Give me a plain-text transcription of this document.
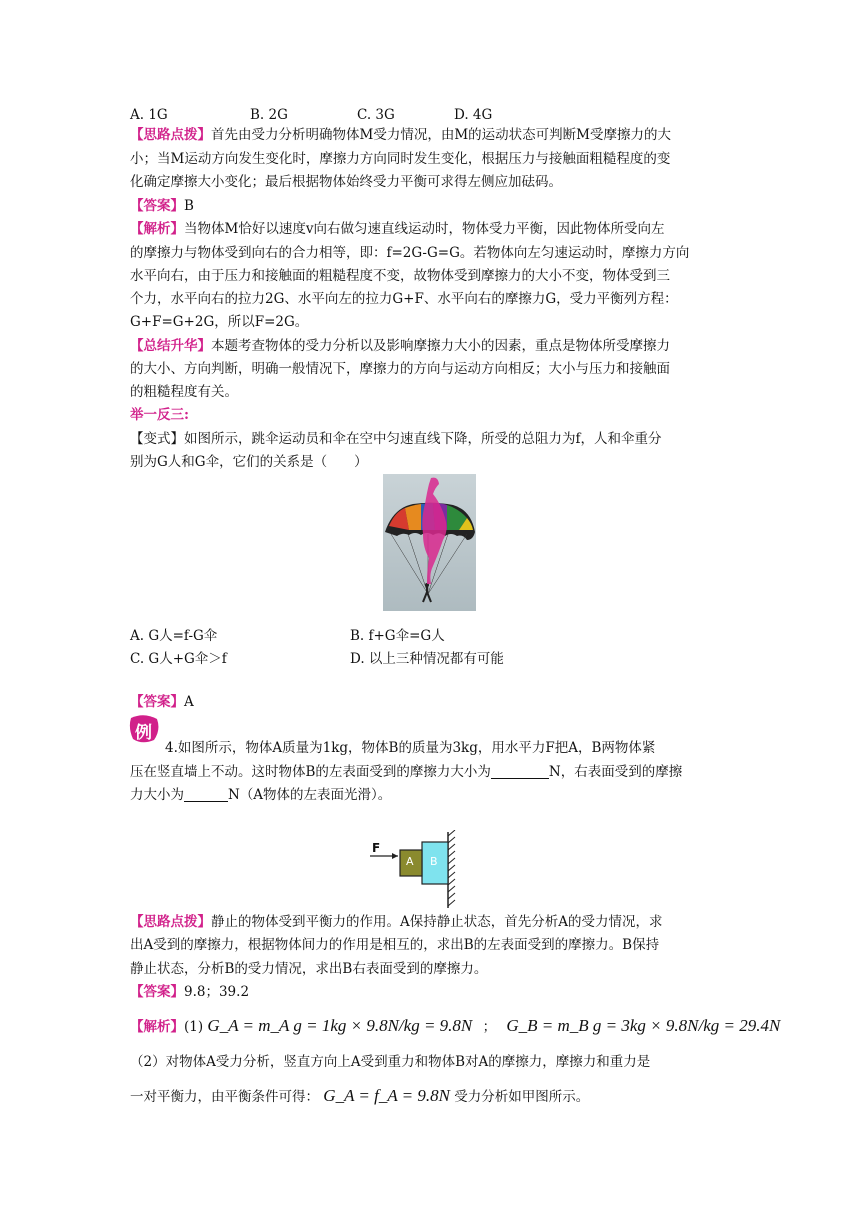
A. 1G	B. 2G	C. 3G	D. 4G
【思路点拨】首先由受力分析明确物体M受力情况，由M的运动状态可判断M受摩擦力的大
小；当M运动方向发生变化时，摩擦力方向同时发生变化，根据压力与接触面粗糙程度的变
化确定摩擦大小变化；最后根据物体始终受力平衡可求得左侧应加砝码。
【答案】B
【解析】当物体M恰好以速度v向右做匀速直线运动时，物体受力平衡，因此物体所受向左
的摩擦力与物体受到向右的合力相等，即：f=2G-G=G。若物体向左匀速运动时，摩擦力方向
水平向右，由于压力和接触面的粗糙程度不变，故物体受到摩擦力的大小不变，物体受到三
个力，水平向右的拉力2G、水平向左的拉力G+F、水平向右的摩擦力G，受力平衡列方程：
G+F=G+2G，所以F=2G。
【总结升华】本题考查物体的受力分析以及影响摩擦力大小的因素，重点是物体所受摩擦力
的大小、方向判断，明确一般情况下，摩擦力的方向与运动方向相反；大小与压力和接触面
的粗糙程度有关。
举一反三:
【变式】如图所示，跳伞运动员和伞在空中匀速直线下降，所受的总阻力为f，人和伞重分
别为G人和G伞，它们的关系是（　　）
A. G人=f-G伞	B. f+G伞=G人
C. G人+G伞＞f	D. 以上三种情况都有可能
【答案】A
例
4.如图所示，物体A质量为1kg，物体B的质量为3kg，用水平力F把A，B两物体紧
压在竖直墙上不动。这时物体B的左表面受到的摩擦力大小为	N，右表面受到的摩擦
力大小为	N（A物体的左表面光滑）。
F
A B
【思路点拨】静止的物体受到平衡力的作用。A保持静止状态，首先分析A的受力情况，求
出A受到的摩擦力，根据物体间力的作用是相互的，求出B的左表面受到的摩擦力。B保持
静止状态，分析B的受力情况，求出B右表面受到的摩擦力。
【答案】9.8；39.2
【解析】(1) G_A = m_A g = 1kg × 9.8N/kg = 9.8N ； G_B = m_B g = 3kg × 9.8N/kg = 29.4N
（2）对物体A受力分析，竖直方向上A受到重力和物体B对A的摩擦力，摩擦力和重力是
一对平衡力，由平衡条件可得： G_A = f_A = 9.8N 受力分析如甲图所示。
